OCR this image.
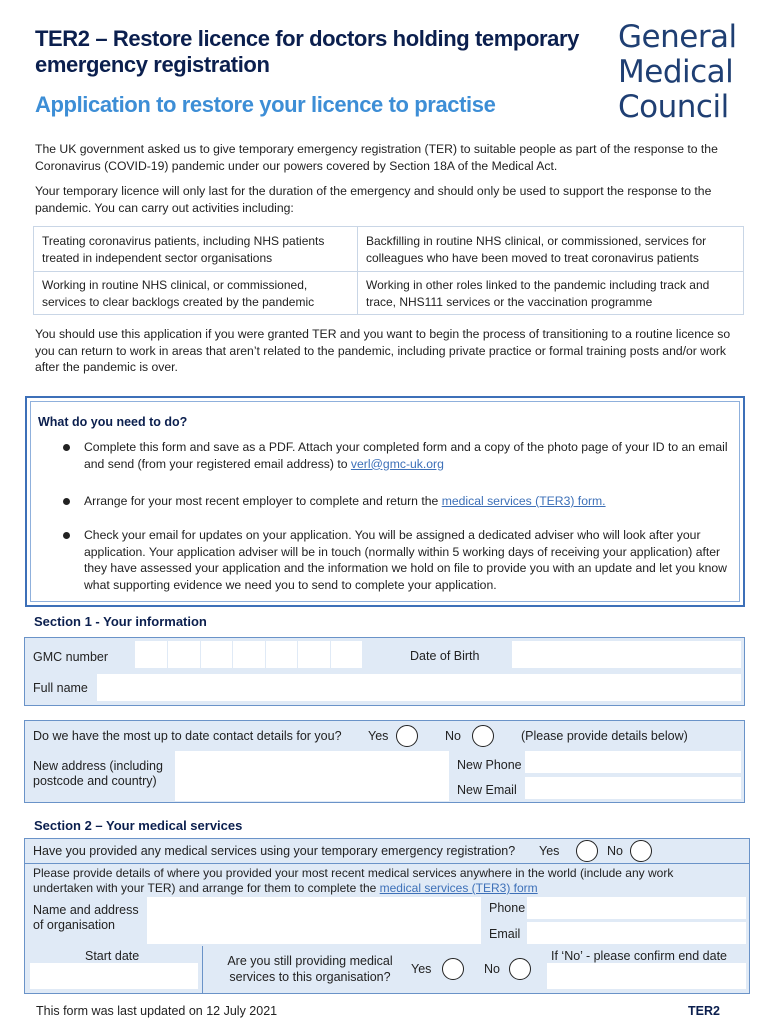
TER2 – Restore licence for doctors holding temporary emergency registration
Application to restore your licence to practise
General
Medical
Council
The UK government asked us to give temporary emergency registration (TER) to suitable people as part of the response to the Coronavirus (COVID-19) pandemic under our powers covered by Section 18A of the Medical Act.
Your temporary licence will only last for the duration of the emergency and should only be used to support the response to the pandemic. You can carry out activities including:
Treating coronavirus patients, including NHS patients treated in independent sector organisations
Backfilling in routine NHS clinical, or commissioned, services for colleagues who have been moved to treat coronavirus patients
Working in routine NHS clinical, or commissioned, services to clear backlogs created by the pandemic
Working in other roles linked to the pandemic including track and trace, NHS111 services or the vaccination programme
You should use this application if you were granted TER and you want to begin the process of transitioning to a routine licence so you can return to work in areas that aren’t related to the pandemic, including private practice or formal training posts and/or work after the pandemic is over.
What do you need to do?
Complete this form and save as a PDF. Attach your completed form and a copy of the photo page of your ID to an email and send (from your registered email address) to verl@gmc-uk.org
Arrange for your most recent employer to complete and return the medical services (TER3) form.
Check your email for updates on your application. You will be assigned a dedicated adviser who will look after your application. Your application adviser will be in touch (normally within 5 working days of receiving your application) after they have assessed your application and the information we hold on file to provide you with an update and let you know what supporting evidence we need you to send to complete your application.
Section 1 - Your information
GMC number	Date of Birth
Full name
Do we have the most up to date contact details for you? Yes	No	(Please provide details below)
New address (including postcode and country)
New Phone
New Email
Section 2 – Your medical services
Have you provided any medical services using your temporary emergency registration? Yes	No
Please provide details of where you provided your most recent medical services anywhere in the world (include any work undertaken with your TER) and arrange for them to complete the medical services (TER3) form
Name and address of organisation
Phone
Email
Start date	Are you still providing medical services to this organisation?
Yes	No
If ‘No’ - please confirm end date
This form was last updated on 12 July 2021	TER2
